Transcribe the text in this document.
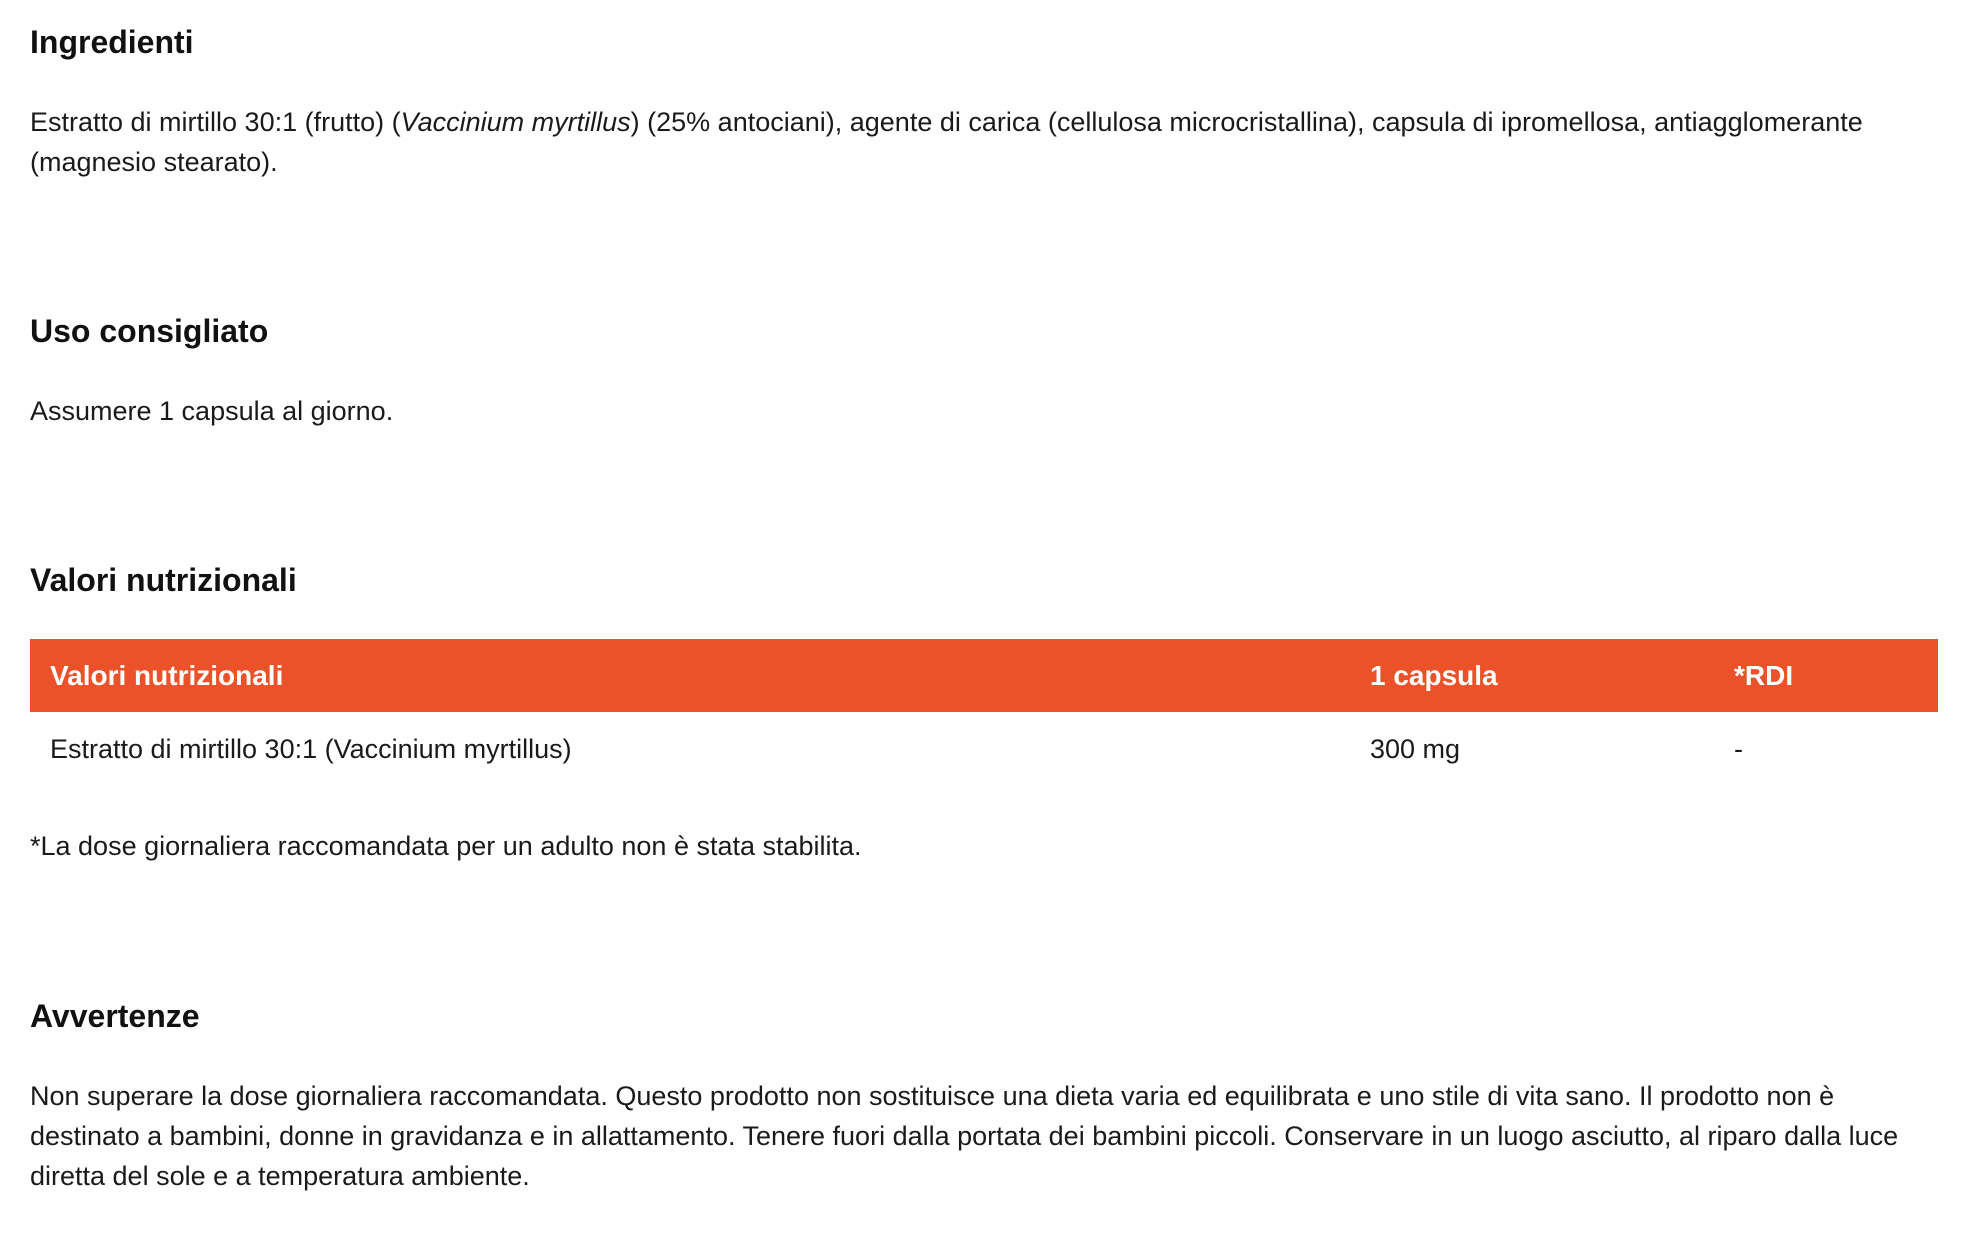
Ingredienti

Estratto di mirtillo 30:1 (frutto) (Vaccinium myrtillus) (25% antociani), agente di carica (cellulosa microcristallina), capsula di ipromellosa, antiagglomerante (magnesio stearato).

Uso consigliato

Assumere 1 capsula al giorno.

Valori nutrizionali
Valori nutrizionali	1 capsula	*RDI
Estratto di mirtillo 30:1 (Vaccinium myrtillus)	300 mg	-

*La dose giornaliera raccomandata per un adulto non è stata stabilita.

Avvertenze

Non superare la dose giornaliera raccomandata. Questo prodotto non sostituisce una dieta varia ed equilibrata e uno stile di vita sano. Il prodotto non è destinato a bambini, donne in gravidanza e in allattamento. Tenere fuori dalla portata dei bambini piccoli. Conservare in un luogo asciutto, al riparo dalla luce diretta del sole e a temperatura ambiente.
